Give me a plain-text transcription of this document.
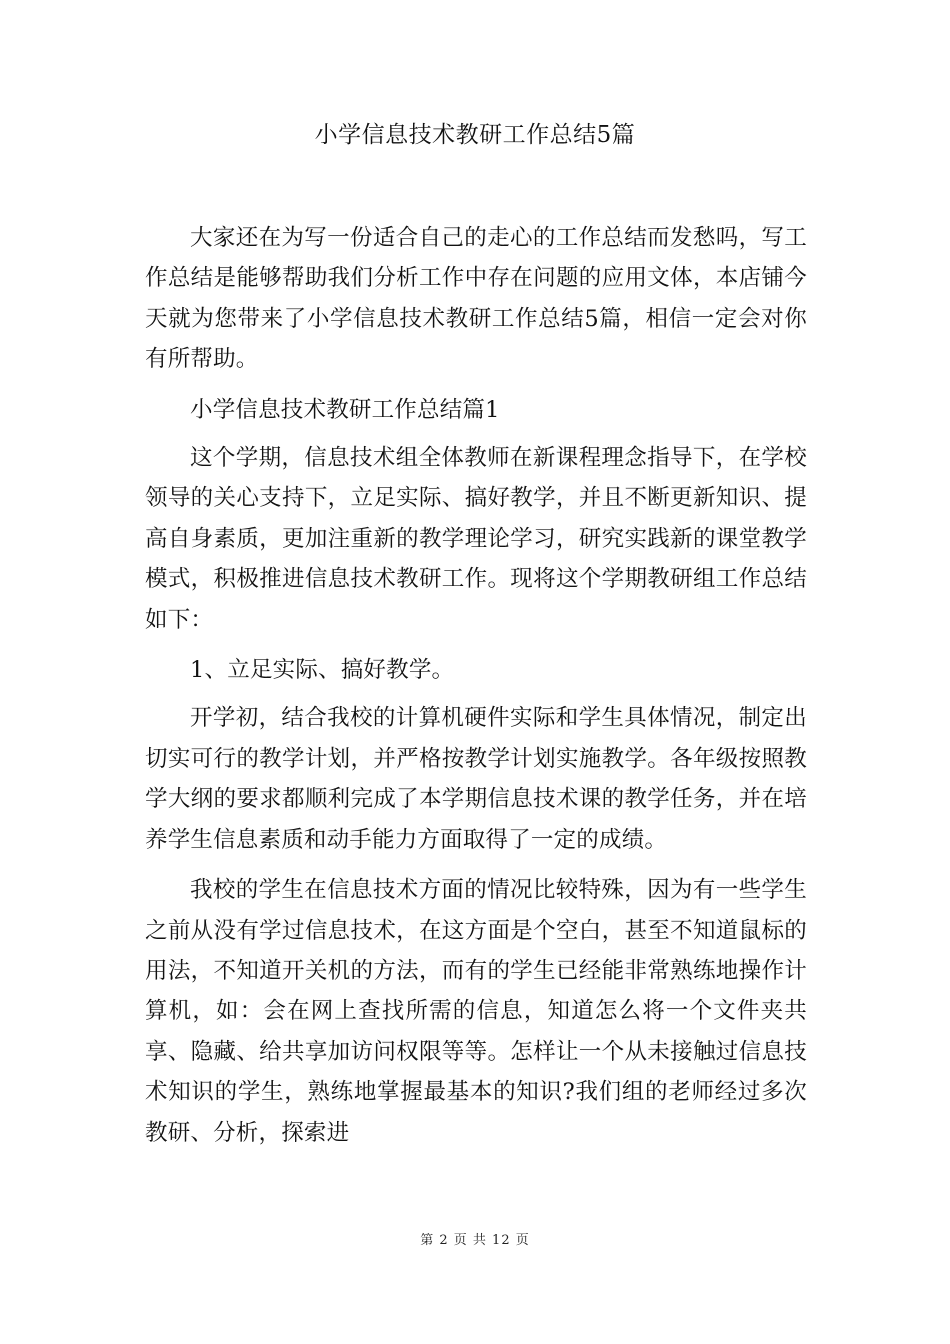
小学信息技术教研工作总结5篇

大家还在为写一份适合自己的走心的工作总结而发愁吗，写工作总结是能够帮助我们分析工作中存在问题的应用文体，本店铺今天就为您带来了小学信息技术教研工作总结5篇，相信一定会对你有所帮助。

小学信息技术教研工作总结篇1

这个学期，信息技术组全体教师在新课程理念指导下，在学校领导的关心支持下，立足实际、搞好教学，并且不断更新知识、提高自身素质，更加注重新的教学理论学习，研究实践新的课堂教学模式，积极推进信息技术教研工作。现将这个学期教研组工作总结如下：

1、立足实际、搞好教学。

开学初，结合我校的计算机硬件实际和学生具体情况，制定出切实可行的教学计划，并严格按教学计划实施教学。各年级按照教学大纲的要求都顺利完成了本学期信息技术课的教学任务，并在培养学生信息素质和动手能力方面取得了一定的成绩。

我校的学生在信息技术方面的情况比较特殊，因为有一些学生之前从没有学过信息技术，在这方面是个空白，甚至不知道鼠标的用法，不知道开关机的方法，而有的学生已经能非常熟练地操作计算机，如：会在网上查找所需的信息，知道怎么将一个文件夹共享、隐藏、给共享加访问权限等等。怎样让一个从未接触过信息技术知识的学生，熟练地掌握最基本的知识?我们组的老师经过多次教研、分析，探索进

第 2 页 共 12 页
